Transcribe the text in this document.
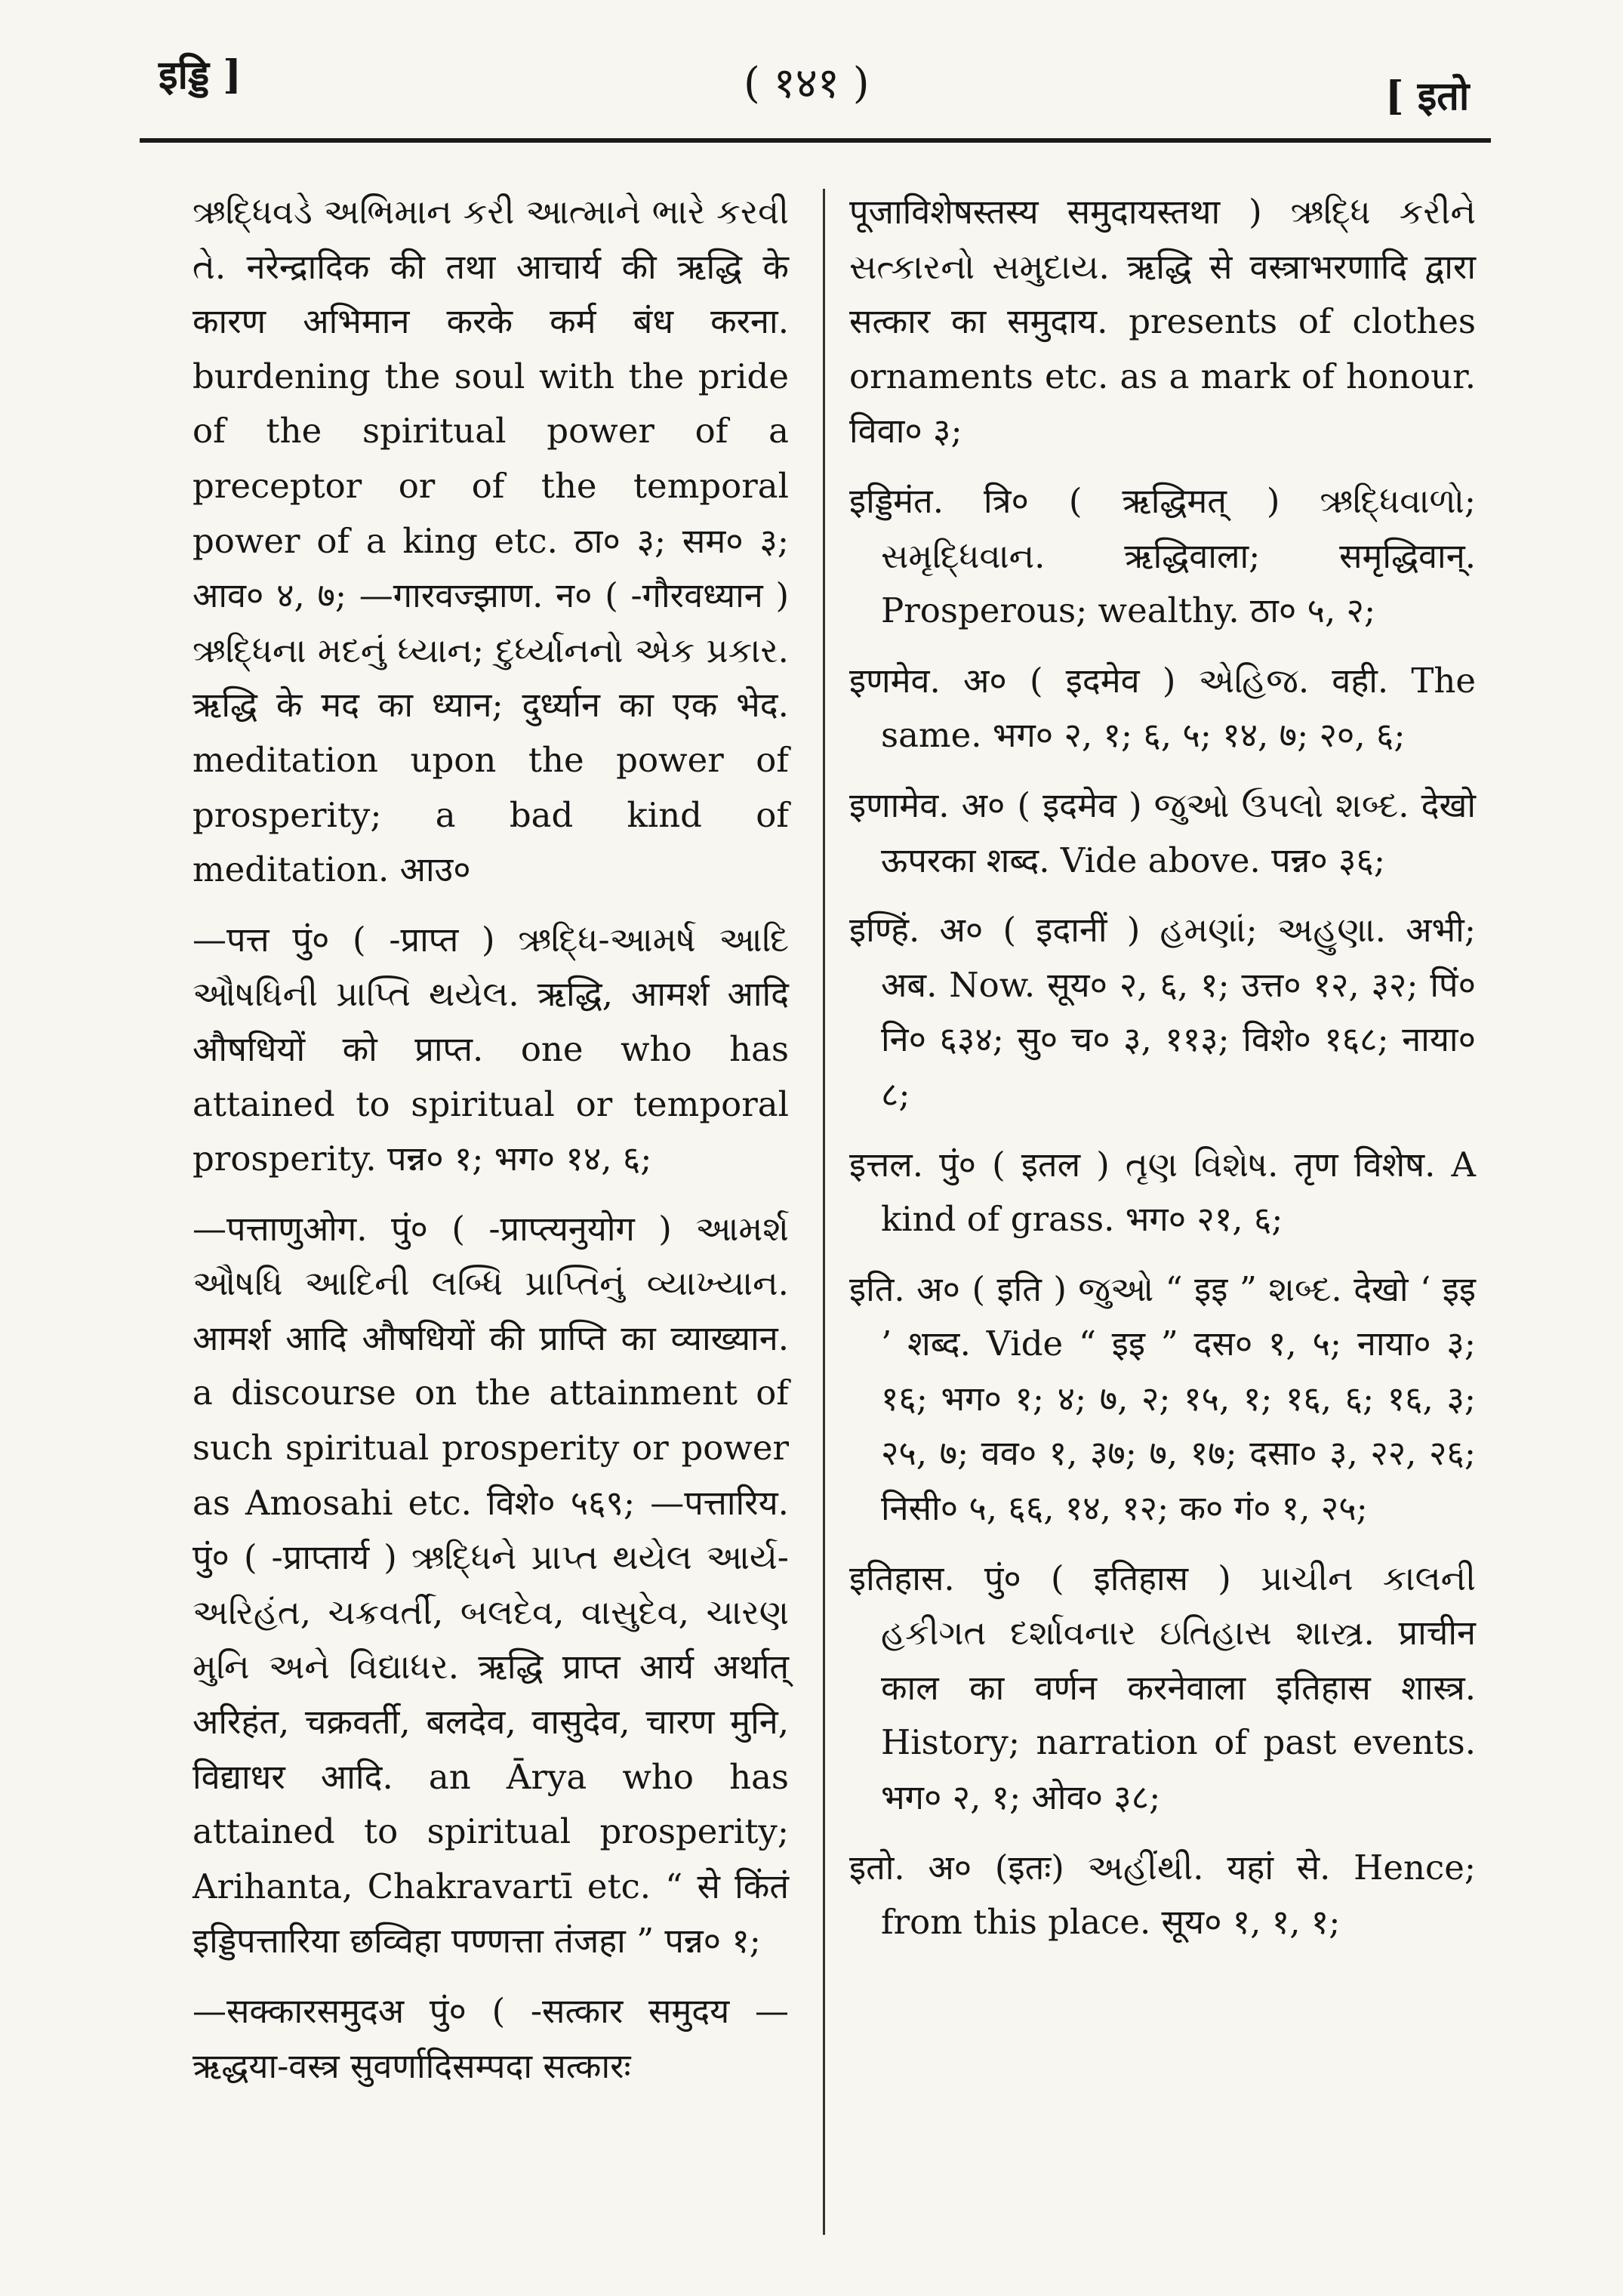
इड्डि ]	( १४१ )	[ इतो

ઋદ્ધિવડે અભિમાન કરી આત્માને ભારે કરવી તે. नरेन्द्रादिक की तथा आचार्य की ऋद्धि के कारण अभिमान करके कर्म बंध करना. burdening the soul with the pride of the spiritual power of a preceptor or of the temporal power of a king etc. ठा० ३; सम० ३; आव० ४, ७; —गारवज्झाण. न० ( -गौरवध्यान ) ઋદ્ધિના મદનું ધ્યાન; દુર્ધ્યાનનો એક પ્રકાર. ऋद्धि के मद का ध्यान; दुर्ध्यान का एक भेद. meditation upon the power of prosperity; a bad kind of meditation. आउ०

—पत्त पुं० ( -प्राप्त ) ઋદ્ધિ-આમર્ષ આદિ ઔષધિની પ્રાપ્તિ થયેલ. ऋद्धि, आमर्श आदि औषधियों को प्राप्त. one who has attained to spiritual or temporal prosperity. पन्न० १; भग० १४, ६;

—पत्ताणुओग. पुं० ( -प्राप्त्यनुयोग ) આમર્શ ઔષધિ આદિની લબ્ધિ પ્રાપ્તિનું વ્યાખ્યાન. आमर्श आदि औषधियों की प्राप्ति का व्याख्यान. a discourse on the attainment of such spiritual prosperity or power as Amosahi etc. विशे० ५६९; —पत्तारिय. पुं० ( -प्राप्तार्य ) ઋદ્ધિને પ્રાપ્ત થયેલ આર્ય-અરિહંત, ચક્રવર્તી, બલદેવ, વાસુદેવ, ચારણ મુનિ અને વિદ્યાધર. ऋद्धि प्राप्त आर्य अर्थात् अरिहंत, चक्रवर्ती, बलदेव, वासुदेव, चारण मुनि, विद्याधर आदि. an Ārya who has attained to spiritual prosperity; Arihanta, Chakravartī etc. “ से किंतं इड्डिपत्तारिया छव्विहा पण्णत्ता तंजहा ” पन्न० १;

—सक्कारसमुदअ पुं० ( -सत्कार समुदय —ऋद्धया-वस्त्र सुवर्णादिसम्पदा सत्कारः

पूजाविशेषस्तस्य समुदायस्तथा ) ઋદ્ધિ કરીને સત્કારનો સમુદાય. ऋद्धि से वस्त्राभरणादि द्वारा सत्कार का समुदाय. presents of clothes ornaments etc. as a mark of honour. विवा० ३;

इड्डिमंत. त्रि० ( ऋद्धिमत् ) ઋદ્ધિવાળો; સમૃદ્ધિવાન. ऋद्धिवाला; समृद्धिवान्. Prosperous; wealthy. ठा० ५, २;

इणमेव. अ० ( इदमेव ) એહિજ. वही. The same. भग० २, १; ६, ५; १४, ७; २०, ६;

इणामेव. अ० ( इदमेव ) જુઓ ઉપલો શબ્દ. देखो ऊपरका शब्द. Vide above. पन्न० ३६;

इण्हिं. अ० ( इदानीं ) હમણાં; અહુણા. अभी; अब. Now. सूय० २, ६, १; उत्त० १२, ३२; पिं० नि० ६३४; सु० च० ३, ११३; विशे० १६८; नाया० ८;

इत्तल. पुं० ( इतल ) તૃણ વિશેષ. तृण विशेष. A kind of grass. भग० २१, ६;

इति. अ० ( इति ) જુઓ “ इइ ” શબ્દ. देखो ‘ इइ ’ शब्द. Vide “ इइ ” दस० १, ५; नाया० ३; १६; भग० १; ४; ७, २; १५, १; १६, ६; १६, ३; २५, ७; वव० १, ३७; ७, १७; दसा० ३, २२, २६; निसी० ५, ६६, १४, १२; क० गं० १, २५;

इतिहास. पुं० ( इतिहास ) પ્રાચીન કાલની હકીગત દર્શાવનાર ઇતિહાસ શાસ્ત્ર. प्राचीन काल का वर्णन करनेवाला इतिहास शास्त्र. History; narration of past events. भग० २, १; ओव० ३८;

इतो. अ० (इतः) અહીંથી. यहां से. Hence; from this place. सूय० १, १, १;
